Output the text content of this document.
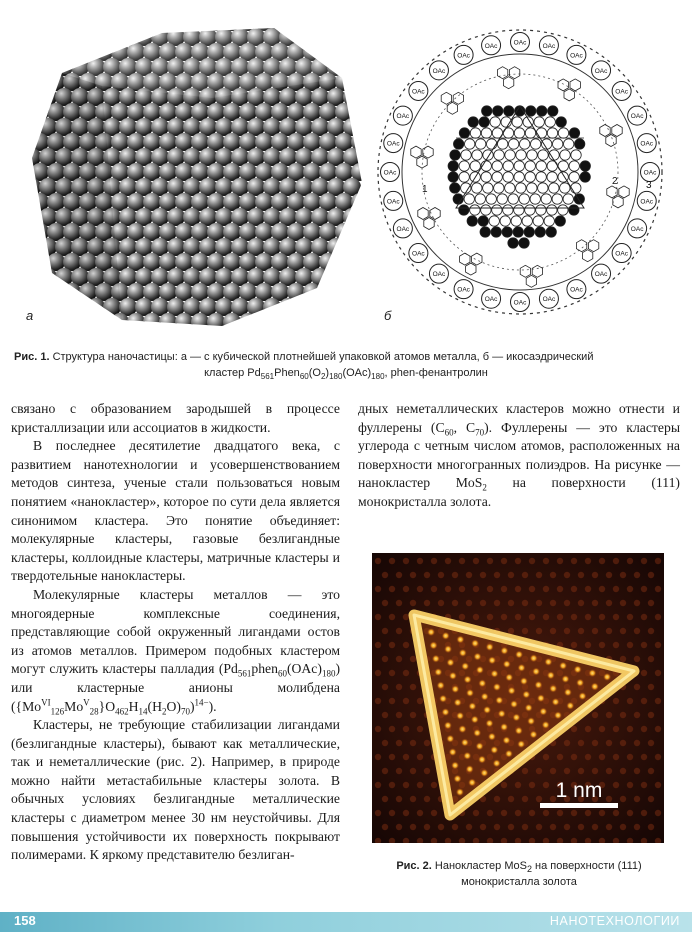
а
OAc
OAc
OAc
OAc
OAc
OAc
OAc
OAc
OAc
OAc
OAc
OAc
OAc
OAc
OAc
OAc
OAc
OAc
OAc
OAc
OAc	OAc	OAc
OAc
OAc
OAc
OAc
OAc
1
2	3
б
Рис. 1. Структура наночастицы: а — с кубической плотнейшей упаковкой атомов металла, б — икосаэдрический
кластер $Pd_{561}Phen_{60}(O_2)_{180}(OAc)_{180}$, phen-фенантролин

связано с образованием зародышей в процессе кристаллизации или ассоциатов в жидкости.

В последнее десятилетие двадцатого века, с развитием нанотехнологии и усовершенствованием методов синтеза, ученые стали пользоваться новым понятием «нанокластер», которое по сути дела является синонимом кластера. Это понятие объединяет: молекулярные кластеры, газовые безлигандные кластеры, коллоидные кластеры, матричные кластеры и твердотельные нанокластеры.

Молекулярные кластеры металлов — это многоядерные комплексные соединения, представляющие собой окруженный лигандами остов из атомов металлов. Примером подобных кластером могут служить кластеры палладия $(Pd_{561}phen_{60}(OAc)_{180})$ или кластерные анионы молибдена $(\{Mo^{VI}_{126}Mo^V_{28}\}O_{462}H_{14}(H_2O)_{70})^{14-}$).

Кластеры, не требующие стабилизации лигандами (безлигандные кластеры), бывают как металлические, так и неметаллические (рис. 2). Например, в природе можно найти метастабильные кластеры золота. В обычных условиях безлигандные металлические кластеры с диаметром менее 30 нм неустойчивы. Для повышения устойчивости их поверхность покрывают полимерами. К яркому представителю безлиган-

дных неметаллических кластеров можно отнести и фуллерены ($C_{60}$, $C_{70}$). Фуллерены — это кластеры углерода с четным числом атомов, расположенных на поверхности многогранных полиэдров. На рисунке — нанокластер MoS$_2$ на поверхности (111) монокристалла золота.

1 nm
Рис. 2. Нанокластер MoS$_2$ на поверхности (111)
монокристалла золота
158	НАНОТЕХНОЛОГИИ
